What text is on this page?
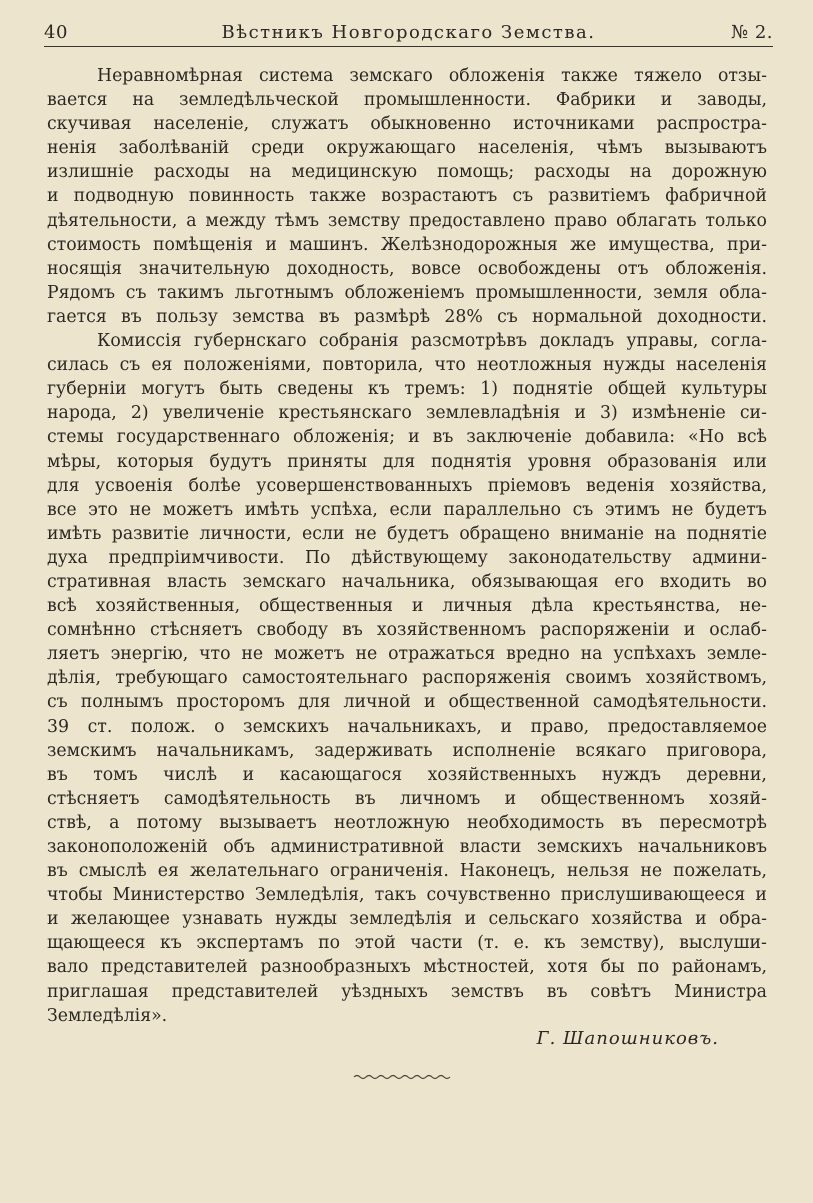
40	Вѣстникъ Новгородскаго Земства.	№ 2.
Неравномѣрная система земскаго обложенія также тяжело отзы-
вается на земледѣльческой промышленности. Фабрики и заводы,
скучивая населеніе, служатъ обыкновенно источниками распростра-
ненія заболѣваній среди окружающаго населенія, чѣмъ вызываютъ
излишніе расходы на медицинскую помощь; расходы на дорожную
и подводную повинность также возрастаютъ съ развитіемъ фабричной
дѣятельности, а между тѣмъ земству предоставлено право облагать только
стоимость помѣщенія и машинъ. Желѣзнодорожныя же имущества, при-
носящія значительную доходность, вовсе освобождены отъ обложенія.
Рядомъ съ такимъ льготнымъ обложеніемъ промышленности, земля обла-
гается въ пользу земства въ размѣрѣ 28% съ нормальной доходности.
Комиссія губернскаго собранія разсмотрѣвъ докладъ управы, согла-
силась съ ея положеніями, повторила, что неотложныя нужды населенія
губерніи могутъ быть сведены къ тремъ: 1) поднятіе общей культуры
народа, 2) увеличеніе крестьянскаго землевладѣнія и 3) измѣненіе си-
стемы государственнаго обложенія; и въ заключеніе добавила: «Но всѣ
мѣры, которыя будутъ приняты для поднятія уровня образованія или
для усвоенія болѣе усовершенствованныхъ пріемовъ веденія хозяйства,
все это не можетъ имѣть успѣха, если параллельно съ этимъ не будетъ
имѣть развитіе личности, если не будетъ обращено вниманіе на поднятіе
духа предпріимчивости. По дѣйствующему законодательству админи-
стративная власть земскаго начальника, обязывающая его входить во
всѣ хозяйственныя, общественныя и личныя дѣла крестьянства, не-
сомнѣнно стѣсняетъ свободу въ хозяйственномъ распоряженіи и ослаб-
ляетъ энергію, что не можетъ не отражаться вредно на успѣхахъ земле-
дѣлія, требующаго самостоятельнаго распоряженія своимъ хозяйствомъ,
съ полнымъ просторомъ для личной и общественной самодѣятельности.
39 ст. полож. о земскихъ начальникахъ, и право, предоставляемое
земскимъ начальникамъ, задерживать исполненіе всякаго приговора,
въ томъ числѣ и касающагося хозяйственныхъ нуждъ деревни,
стѣсняетъ самодѣятельность въ личномъ и общественномъ хозяй-
ствѣ, а потому вызываетъ неотложную необходимость въ пересмотрѣ
законоположеній объ административной власти земскихъ начальниковъ
въ смыслѣ ея желательнаго ограниченія. Наконецъ, нельзя не пожелать,
чтобы Министерство Земледѣлія, такъ сочувственно прислушивающееся и
и желающее узнавать нужды земледѣлія и сельскаго хозяйства и обра-
щающееся къ экспертамъ по этой части (т. е. къ земству), выслуши-
вало представителей разнообразныхъ мѣстностей, хотя бы по районамъ,
приглашая представителей уѣздныхъ земствъ въ совѣтъ Министра
Земледѣлія».
Г. Шапошниковъ.
